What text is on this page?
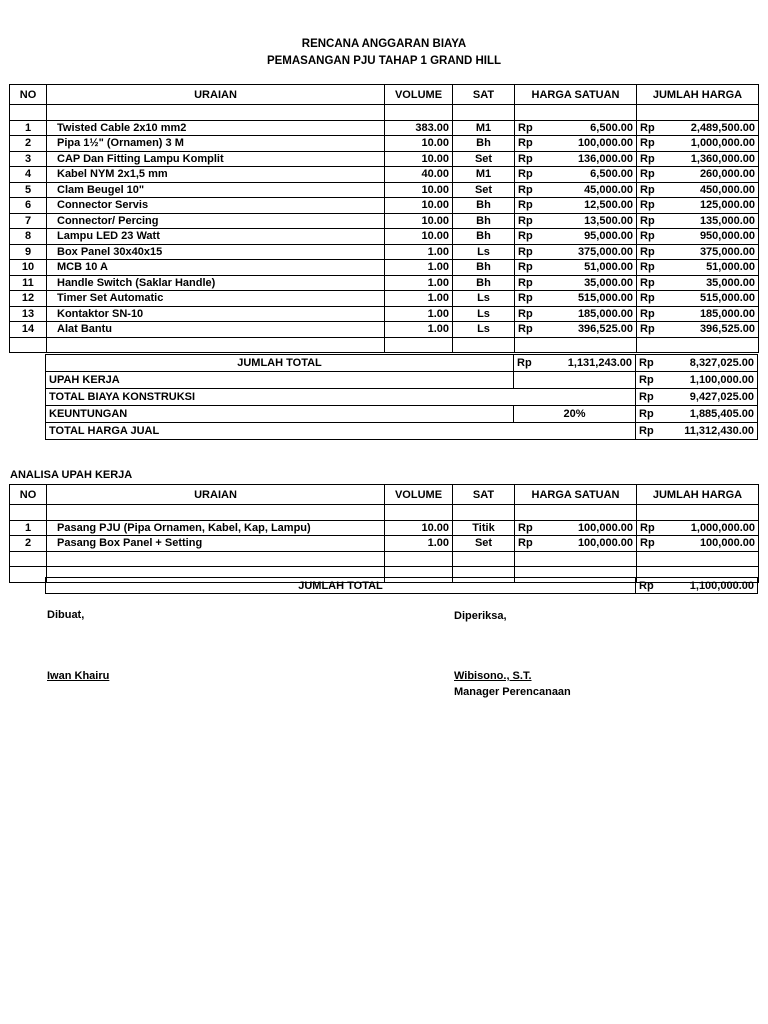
RENCANA ANGGARAN BIAYA
PEMASANGAN PJU TAHAP 1 GRAND HILL
NO	URAIAN	VOLUME	SAT	HARGA SATUAN	JUMLAH HARGA

1	Twisted Cable 2x10 mm2	383.00	M1	Rp 6,500.00	Rp 2,489,500.00

2	Pipa 1½" (Ornamen) 3 M	10.00	Bh	Rp 100,000.00	Rp 1,000,000.00

3	CAP Dan Fitting Lampu Komplit	10.00	Set	Rp 136,000.00	Rp 1,360,000.00

4	Kabel NYM 2x1,5 mm	40.00	M1	Rp 6,500.00	Rp 260,000.00

5	Clam Beugel 10"	10.00	Set	Rp 45,000.00	Rp 450,000.00

6	Connector Servis	10.00	Bh	Rp 12,500.00	Rp 125,000.00

7	Connector/ Percing	10.00	Bh	Rp 13,500.00	Rp 135,000.00

8	Lampu LED 23 Watt	10.00	Bh	Rp 95,000.00	Rp 950,000.00

9	Box Panel 30x40x15	1.00	Ls	Rp 375,000.00	Rp 375,000.00

10	MCB 10 A	1.00	Bh	Rp 51,000.00	Rp 51,000.00

11	Handle Switch (Saklar Handle)	1.00	Bh	Rp 35,000.00	Rp 35,000.00

12	Timer Set Automatic	1.00	Ls	Rp 515,000.00	Rp 515,000.00

13	Kontaktor SN-10	1.00	Ls	Rp 185,000.00	Rp 185,000.00

14	Alat Bantu	1.00	Ls	Rp 396,525.00	Rp 396,525.00

JUMLAH TOTAL	Rp 1,131,243.00	Rp 8,327,025.00

UPAH KERJA		Rp 1,100,000.00

TOTAL BIAYA KONSTRUKSI		Rp 9,427,025.00

KEUNTUNGAN	20%	Rp 1,885,405.00

TOTAL HARGA JUAL		Rp 11,312,430.00
ANALISA UPAH KERJA
NO	URAIAN	VOLUME	SAT	HARGA SATUAN	JUMLAH HARGA

1	Pasang PJU (Pipa Ornamen, Kabel, Kap, Lampu)	10.00	Titik	Rp 100,000.00	Rp 1,000,000.00

2	Pasang Box Panel + Setting	1.00	Set	Rp 100,000.00	Rp 100,000.00

JUMLAH TOTAL	Rp	1,100,000.00
Dibuat,
Iwan Khairu
Diperiksa,
Wibisono., S.T.
Manager Perencanaan
